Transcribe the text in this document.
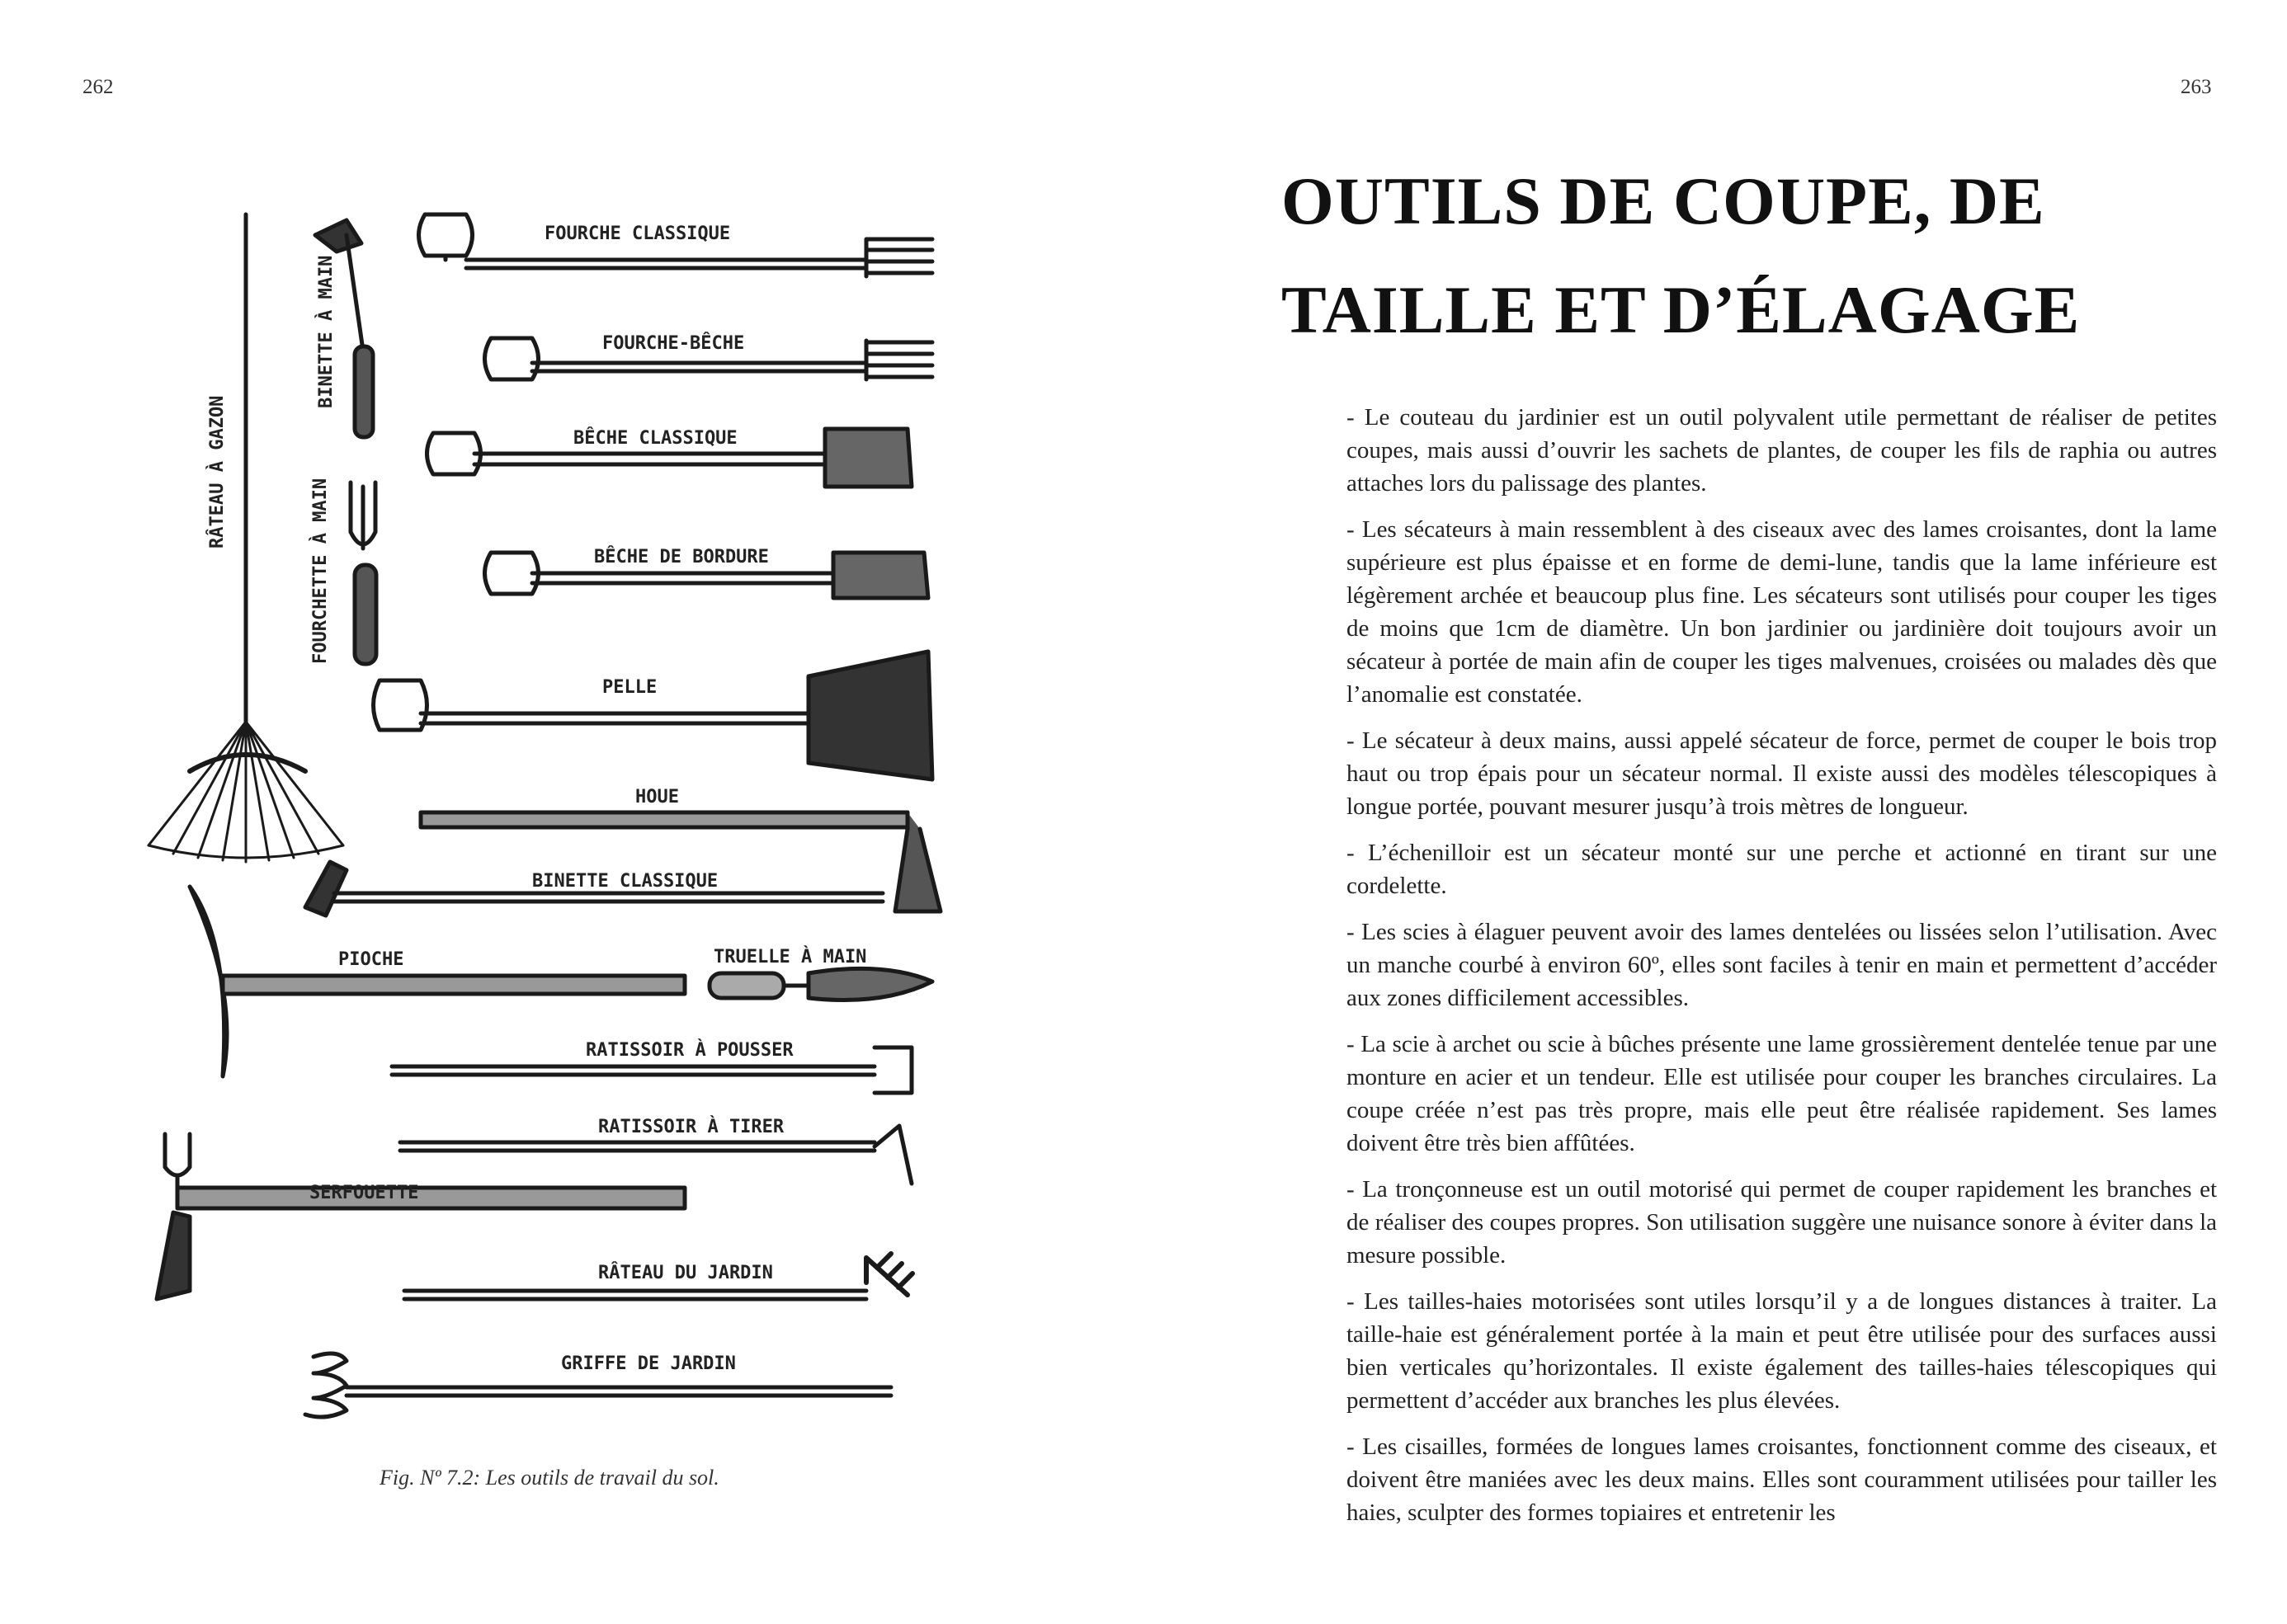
262
FOURCHE CLASSIQUE
FOURCHE-BÊCHE
BÊCHE CLASSIQUE
BÊCHE DE BORDURE
PELLE
HOUE
BINETTE CLASSIQUE
PIOCHE	TRUELLE À MAIN
RATISSOIR À POUSSER
RATISSOIR À TIRER
SERFOUETTE
RÂTEAU DU JARDIN
GRIFFE DE JARDIN
RÂTEAU À GAZON
BINETTE À MAIN
FOURCHETTE À MAIN
Fig. Nº 7.2: Les outils de travail du sol.
263
OUTILS DE COUPE, DE
TAILLE ET D’ÉLAGAGE

- Le couteau du jardinier est un outil polyvalent utile permettant de réaliser de petites coupes, mais aussi d’ouvrir les sachets de plantes, de couper les fils de raphia ou autres attaches lors du palissage des plantes.

- Les sécateurs à main ressemblent à des ciseaux avec des lames croisantes, dont la lame supérieure est plus épaisse et en forme de demi-lune, tandis que la lame inférieure est légèrement archée et beaucoup plus fine. Les sécateurs sont utilisés pour couper les tiges de moins que 1cm de diamètre. Un bon jardinier ou jardinière doit toujours avoir un sécateur à portée de main afin de couper les tiges malvenues, croisées ou malades dès que l’anomalie est constatée.

- Le sécateur à deux mains, aussi appelé sécateur de force, permet de couper le bois trop haut ou trop épais pour un sécateur normal. Il existe aussi des modèles télescopiques à longue portée, pouvant mesurer jusqu’à trois mètres de longueur.

- L’échenilloir est un sécateur monté sur une perche et actionné en tirant sur une cordelette.

- Les scies à élaguer peuvent avoir des lames dentelées ou lissées selon l’utilisation. Avec un manche courbé à environ 60º, elles sont faciles à tenir en main et permettent d’accéder aux zones difficilement accessibles.

- La scie à archet ou scie à bûches présente une lame grossièrement dentelée tenue par une monture en acier et un tendeur. Elle est utilisée pour couper les branches circulaires. La coupe créée n’est pas très propre, mais elle peut être réalisée rapidement. Ses lames doivent être très bien affûtées.

- La tronçonneuse est un outil motorisé qui permet de couper rapidement les branches et de réaliser des coupes propres. Son utilisation suggère une nuisance sonore à éviter dans la mesure possible.

- Les tailles-haies motorisées sont utiles lorsqu’il y a de longues distances à traiter. La taille-haie est généralement portée à la main et peut être utilisée pour des surfaces aussi bien verticales qu’horizontales. Il existe également des tailles-haies télescopiques qui permettent d’accéder aux branches les plus élevées.

- Les cisailles, formées de longues lames croisantes, fonctionnent comme des ciseaux, et doivent être maniées avec les deux mains. Elles sont couramment utilisées pour tailler les haies, sculpter des formes topiaires et entretenir les
